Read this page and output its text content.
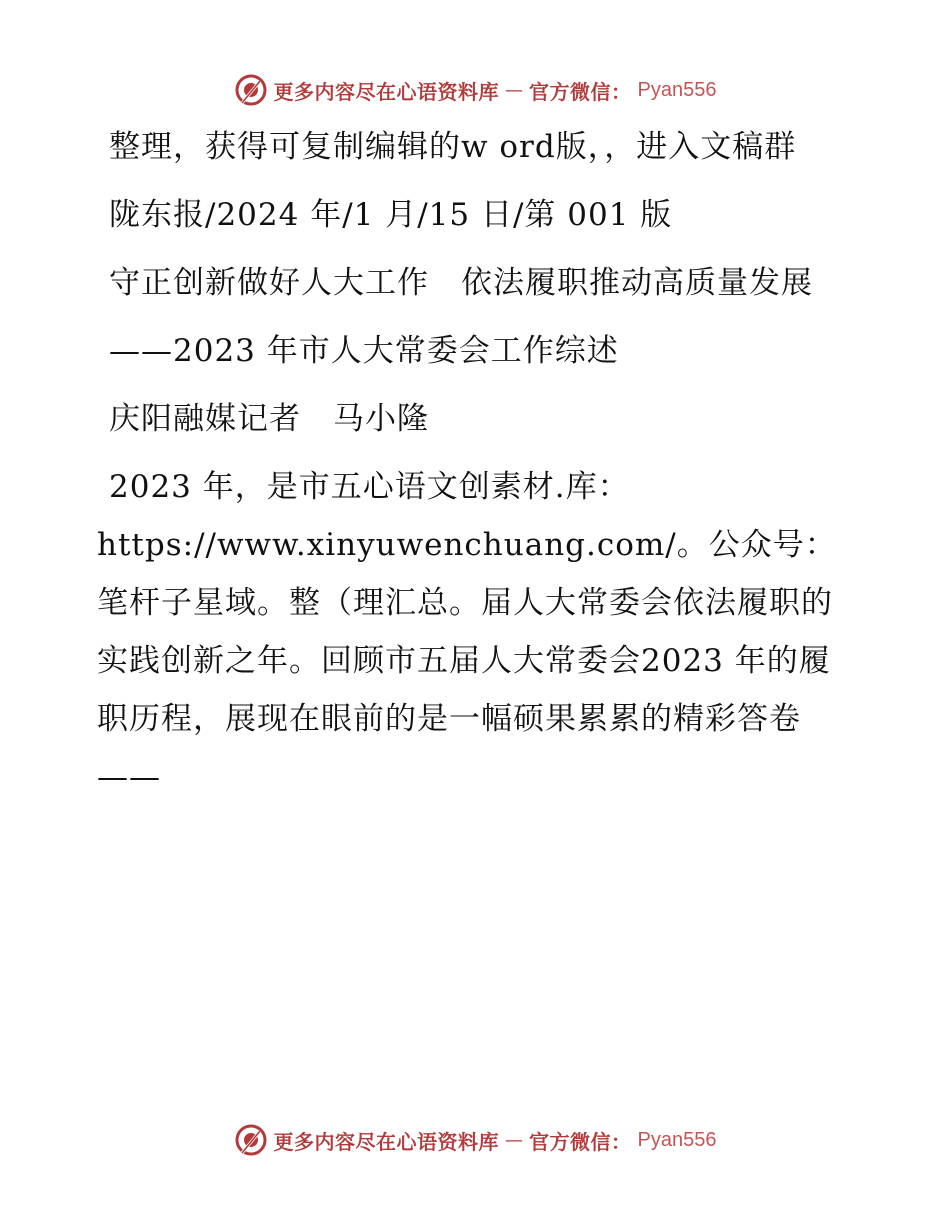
更多内容尽在心语资料库 — 官方微信： Pyan556

整理，获得可复制编辑的w ord版，，进入文稿群

陇东报/2024 年/1 月/15 日/第 001 版

守正创新做好人大工作　依法履职推动高质量发展

——2023 年市人大常委会工作综述

庆阳融媒记者　马小隆

2023 年，是市五心语文创素材.库：https://www.xinyuwenchuang.com/。公众号：笔杆子星域。整（理汇总。届人大常委会依法履职的实践创新之年。回顾市五届人大常委会2023 年的履职历程，展现在眼前的是一幅硕果累累的精彩答卷——

更多内容尽在心语资料库 — 官方微信： Pyan556
